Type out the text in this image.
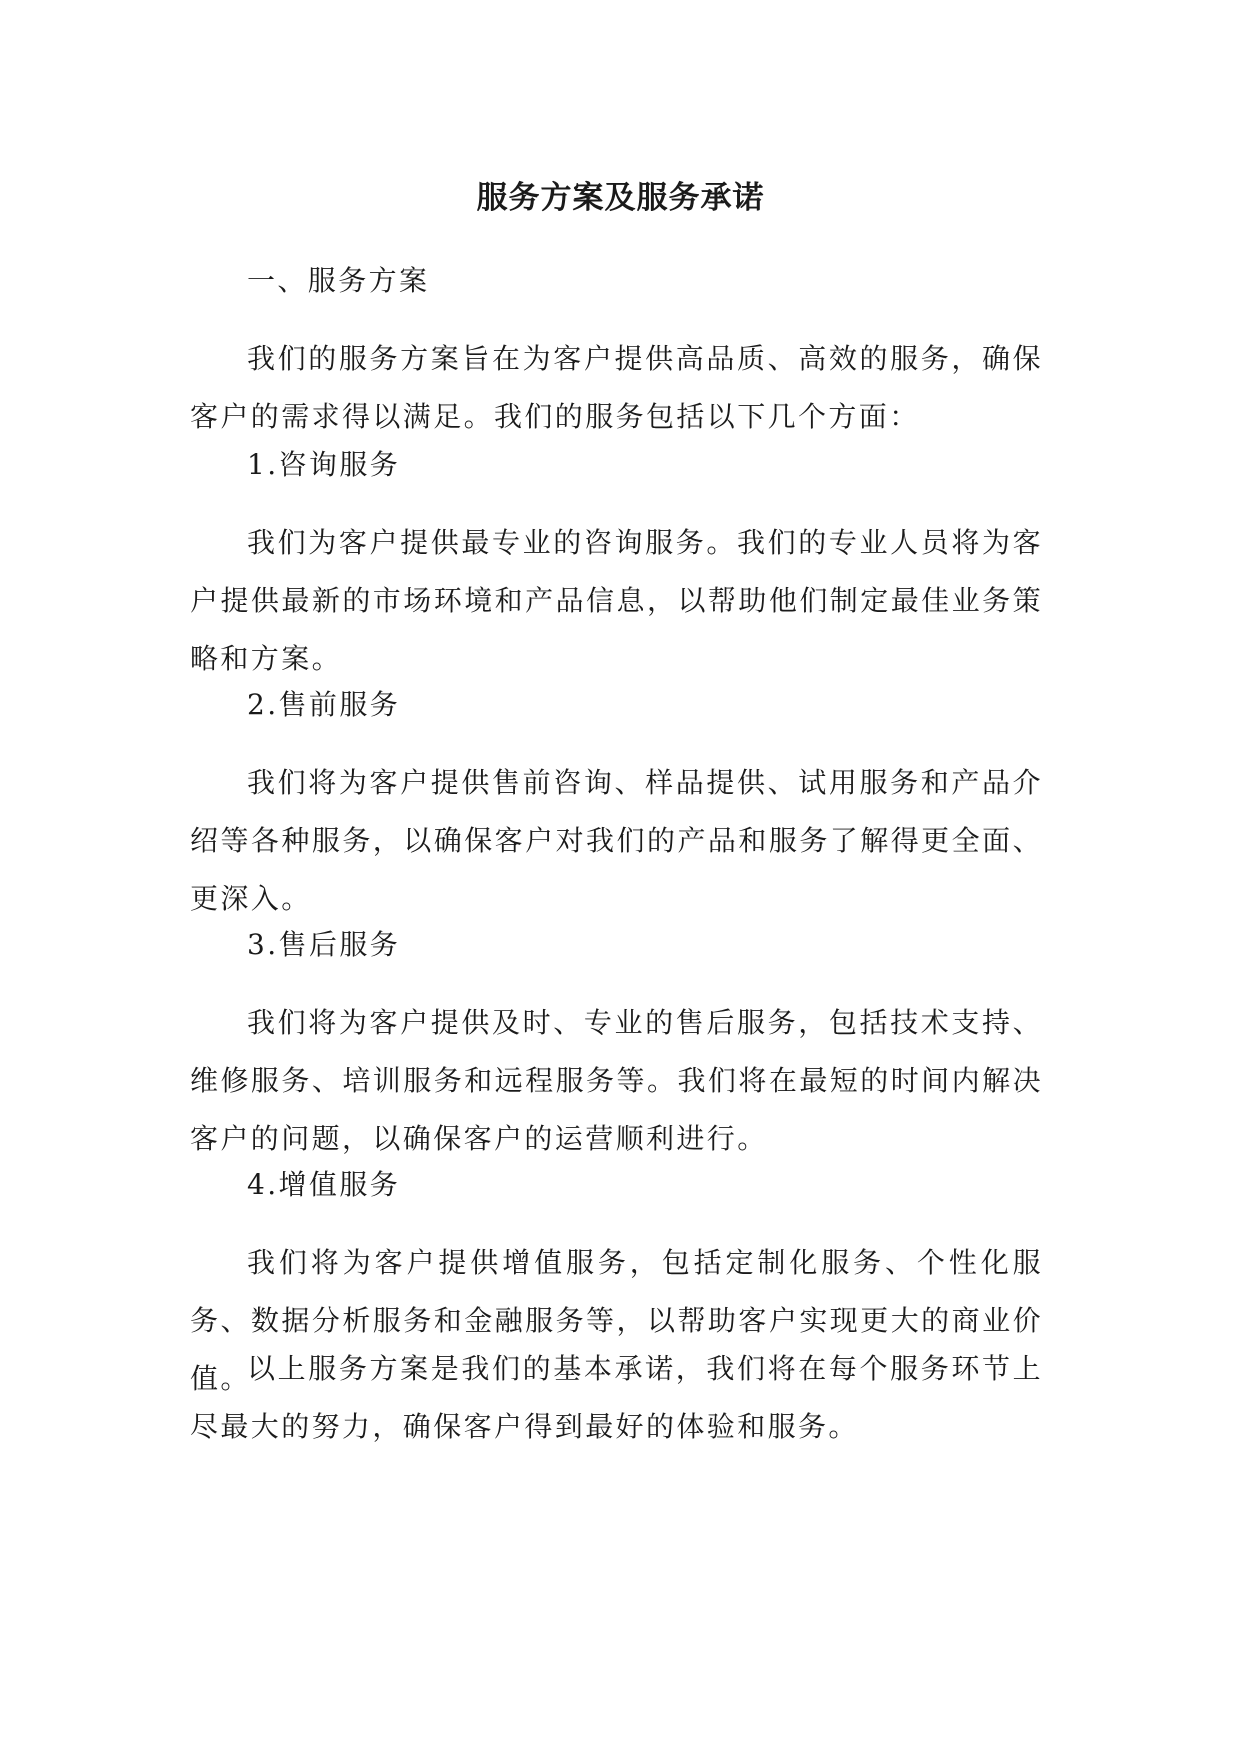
服务方案及服务承诺

一、服务方案

我们的服务方案旨在为客户提供高品质、高效的服务，确保客户的需求得以满足。我们的服务包括以下几个方面：

1.咨询服务

我们为客户提供最专业的咨询服务。我们的专业人员将为客户提供最新的市场环境和产品信息，以帮助他们制定最佳业务策略和方案。

2.售前服务

我们将为客户提供售前咨询、样品提供、试用服务和产品介绍等各种服务，以确保客户对我们的产品和服务了解得更全面、更深入。

3.售后服务

我们将为客户提供及时、专业的售后服务，包括技术支持、维修服务、培训服务和远程服务等。我们将在最短的时间内解决客户的问题，以确保客户的运营顺利进行。

4.增值服务

我们将为客户提供增值服务，包括定制化服务、个性化服务、数据分析服务和金融服务等，以帮助客户实现更大的商业价值。

以上服务方案是我们的基本承诺，我们将在每个服务环节上尽最大的努力，确保客户得到最好的体验和服务。
